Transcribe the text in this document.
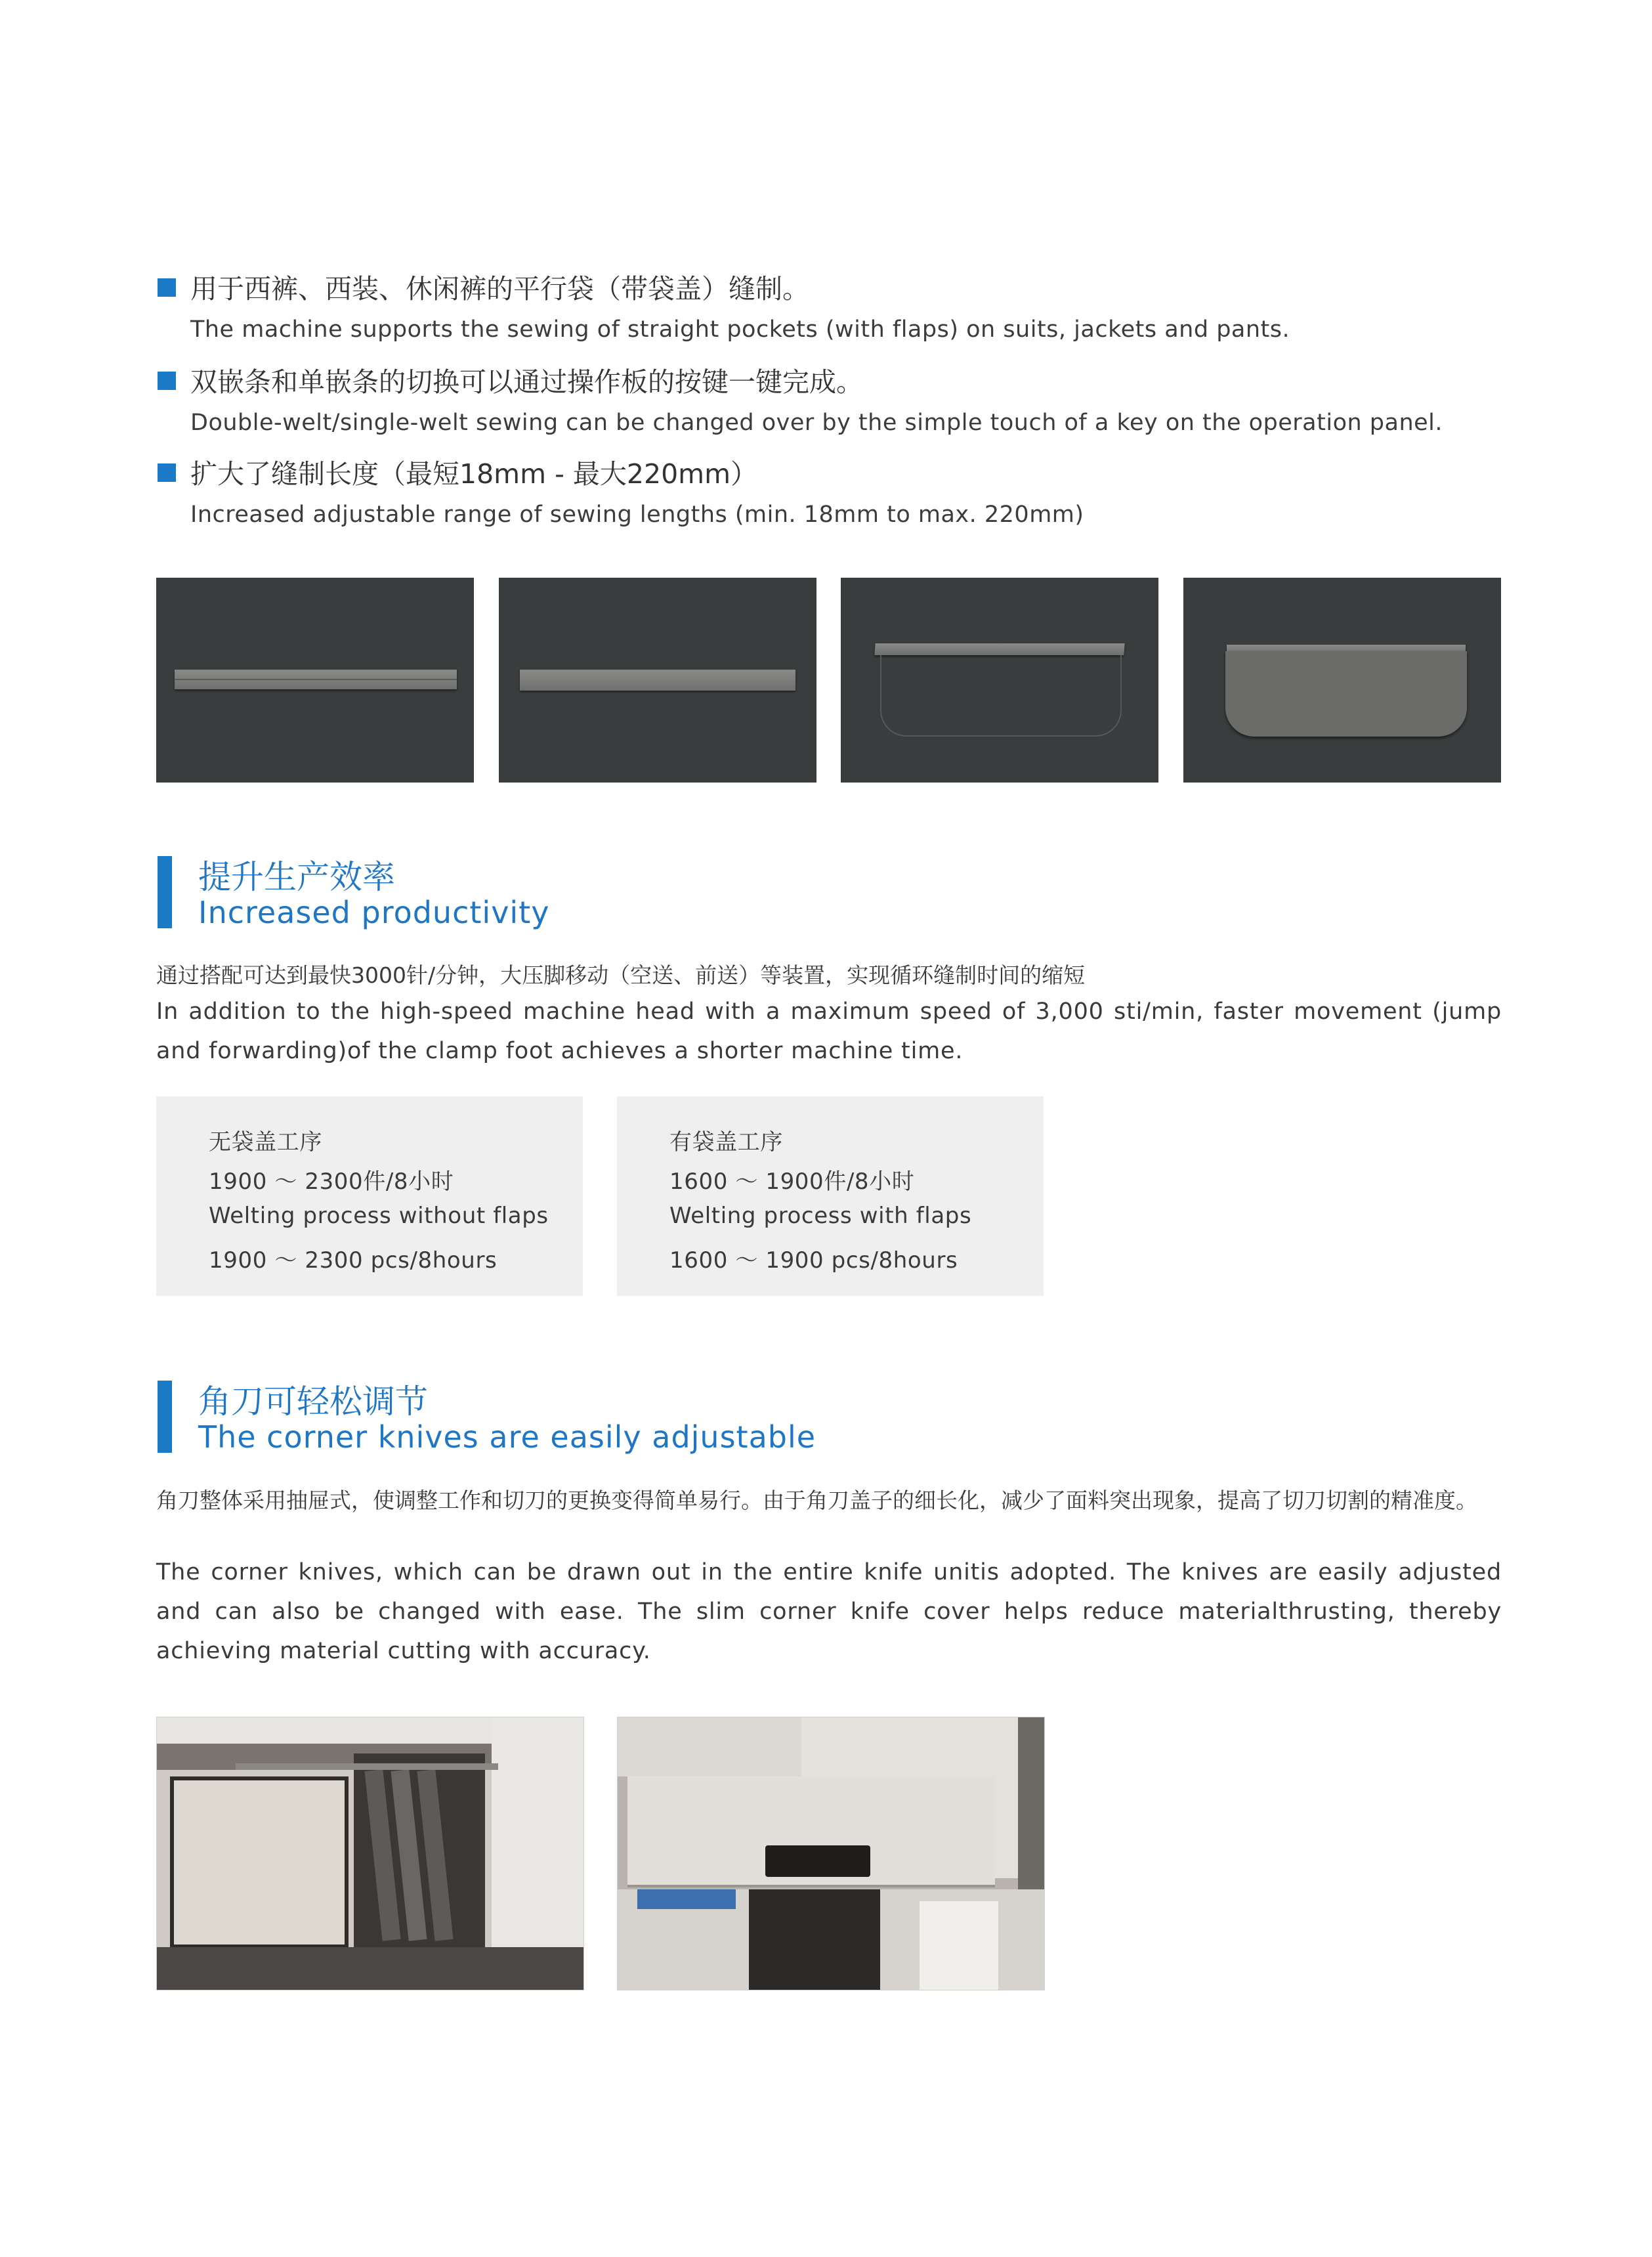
用于西裤、西装、休闲裤的平行袋（带袋盖）缝制。
The machine supports the sewing of straight pockets (with flaps) on suits, jackets and pants.
双嵌条和单嵌条的切换可以通过操作板的按键一键完成。
Double-welt/single-welt sewing can be changed over by the simple touch of a key on the operation panel.
扩大了缝制长度（最短18mm - 最大220mm）
Increased adjustable range of sewing lengths (min. 18mm to max. 220mm)
提升生产效率
Increased productivity
通过搭配可达到最快3000针/分钟，大压脚移动（空送、前送）等装置，实现循环缝制时间的缩短
In addition to the high-speed machine head with a maximum speed of 3,000 sti/min, faster movement (jump and forwarding)of the clamp foot achieves a shorter machine time.
无袋盖工序
1900 ～ 2300件/8小时
Welting process without flaps
1900 ～ 2300 pcs/8hours
有袋盖工序
1600 ～ 1900件/8小时
Welting process with flaps
1600 ～ 1900 pcs/8hours
角刀可轻松调节
The corner knives are easily adjustable
角刀整体采用抽屉式，使调整工作和切刀的更换变得简单易行。由于角刀盖子的细长化，减少了面料突出现象，提高了切刀切割的精准度。
The corner knives, which can be drawn out in the entire knife unitis adopted. The knives are easily adjusted and can also be changed with ease. The slim corner knife cover helps reduce materialthrusting, thereby achieving material cutting with accuracy.
